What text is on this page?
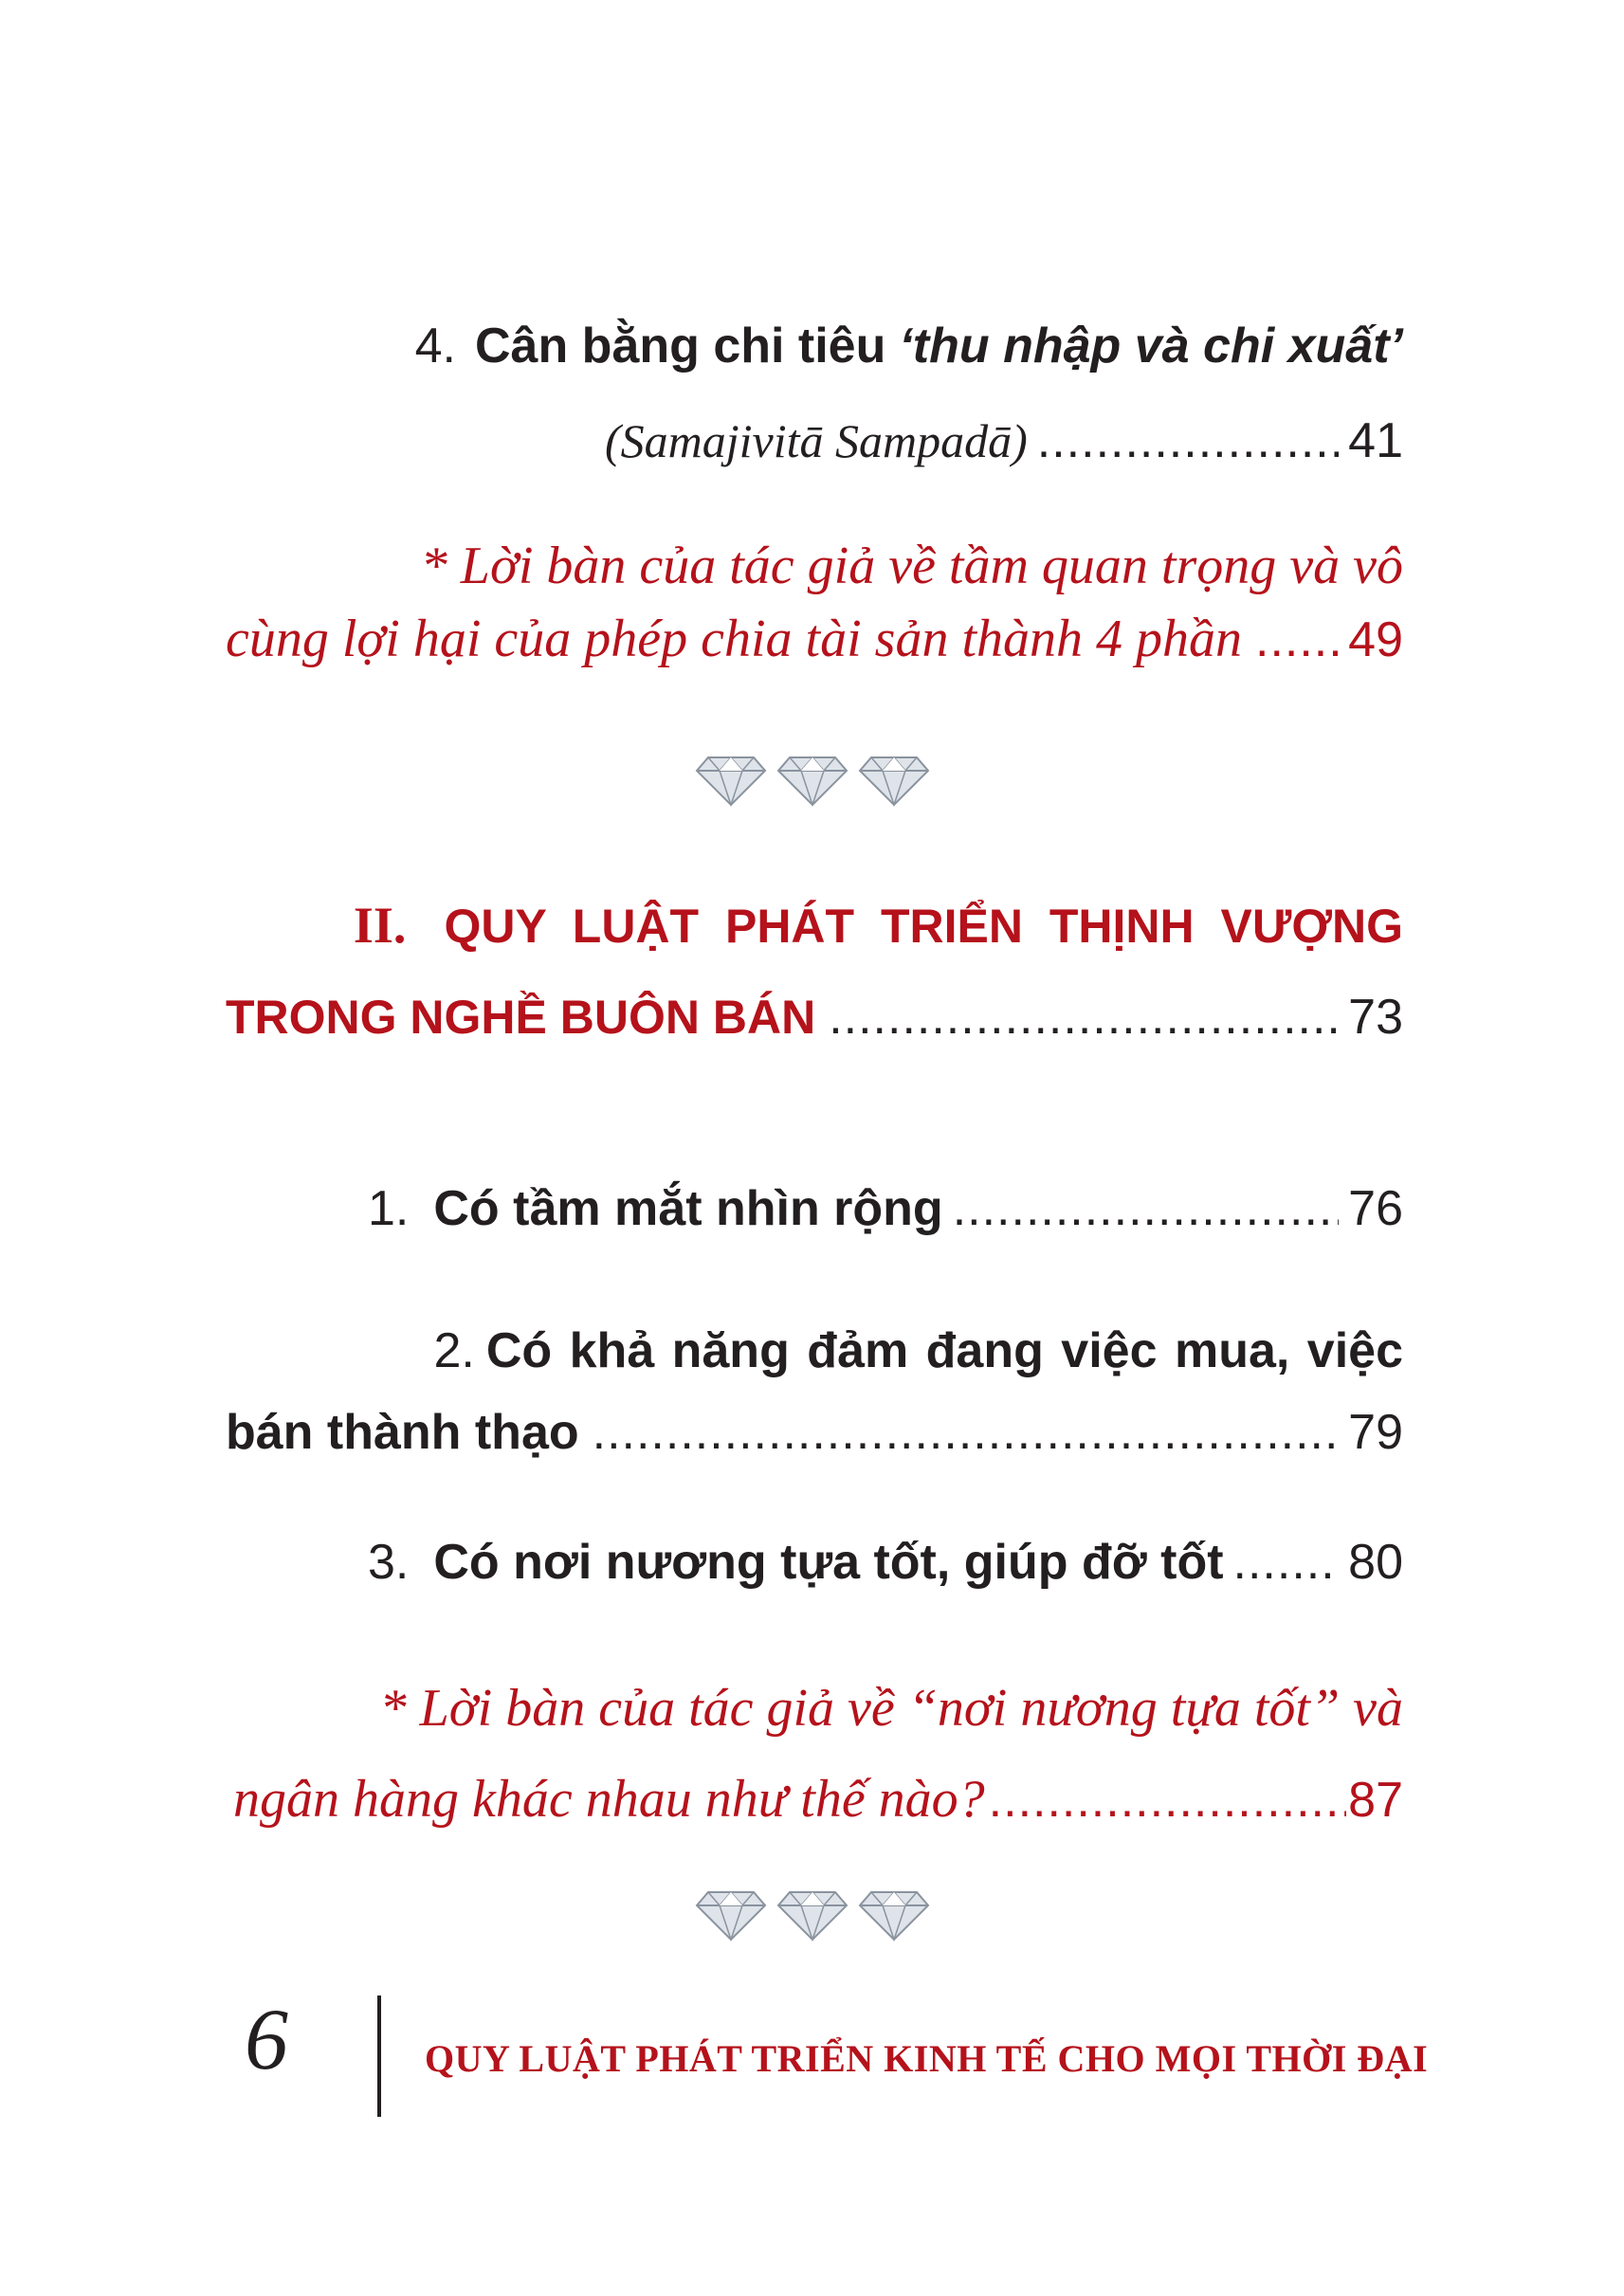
4. Cân bằng chi tiêu ‘thu nhập và chi xuất’
(Samajivitā Sampadā) .....	41
* Lời bàn của tác giả về tầm quan trọng và vô
cùng lợi hại của phép chia tài sản thành 4 phần ..... 49
II. QUY LUẬT PHÁT TRIỂN THỊNH VƯỢNG
TRONG NGHỀ BUÔN BÁN .....	73
1. Có tầm mắt nhìn rộng .....	76
2. Có khả năng đảm đang việc mua, việc
bán thành thạo .....	79
3. Có nơi nương tựa tốt, giúp đỡ tốt .....	80
* Lời bàn của tác giả về “nơi nương tựa tốt” và
ngân hàng khác nhau như thế nào? .....	87
6	QUY LUẬT PHÁT TRIỂN KINH TẾ CHO MỌI THỜI ĐẠI
